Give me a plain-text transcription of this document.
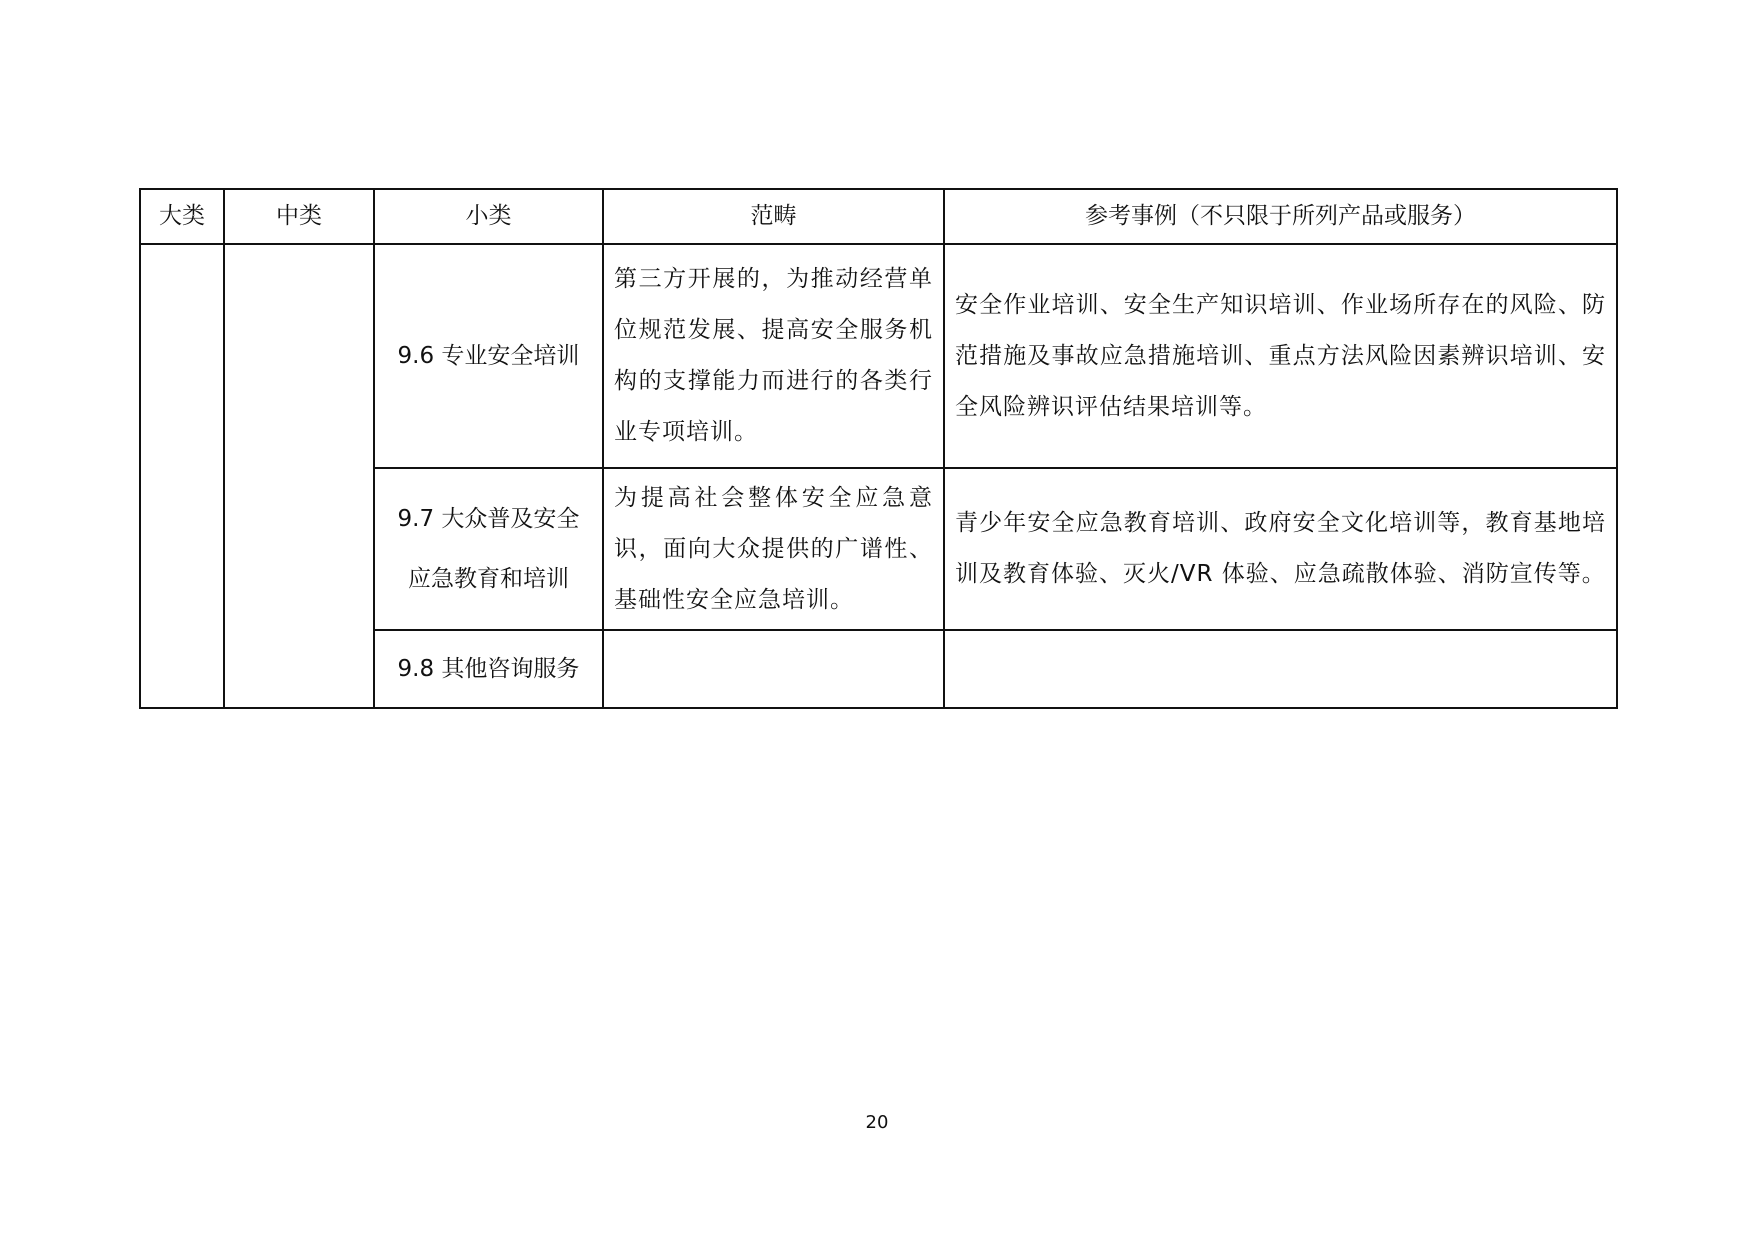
大类	中类	小类	范畴	参考事例（不只限于所列产品或服务）
		9.6 专业安全培训	第三方开展的，为推动经营单位规范发展、提高安全服务机构的支撑能力而进行的各类行业专项培训。	安全作业培训、安全生产知识培训、作业场所存在的风险、防范措施及事故应急措施培训、重点方法风险因素辨识培训、安全风险辨识评估结果培训等。
		9.7 大众普及安全应急教育和培训	为提高社会整体安全应急意识，面向大众提供的广谱性、基础性安全应急培训。	青少年安全应急教育培训、政府安全文化培训等，教育基地培训及教育体验、灭火/VR 体验、应急疏散体验、消防宣传等。
		9.8 其他咨询服务		
20
